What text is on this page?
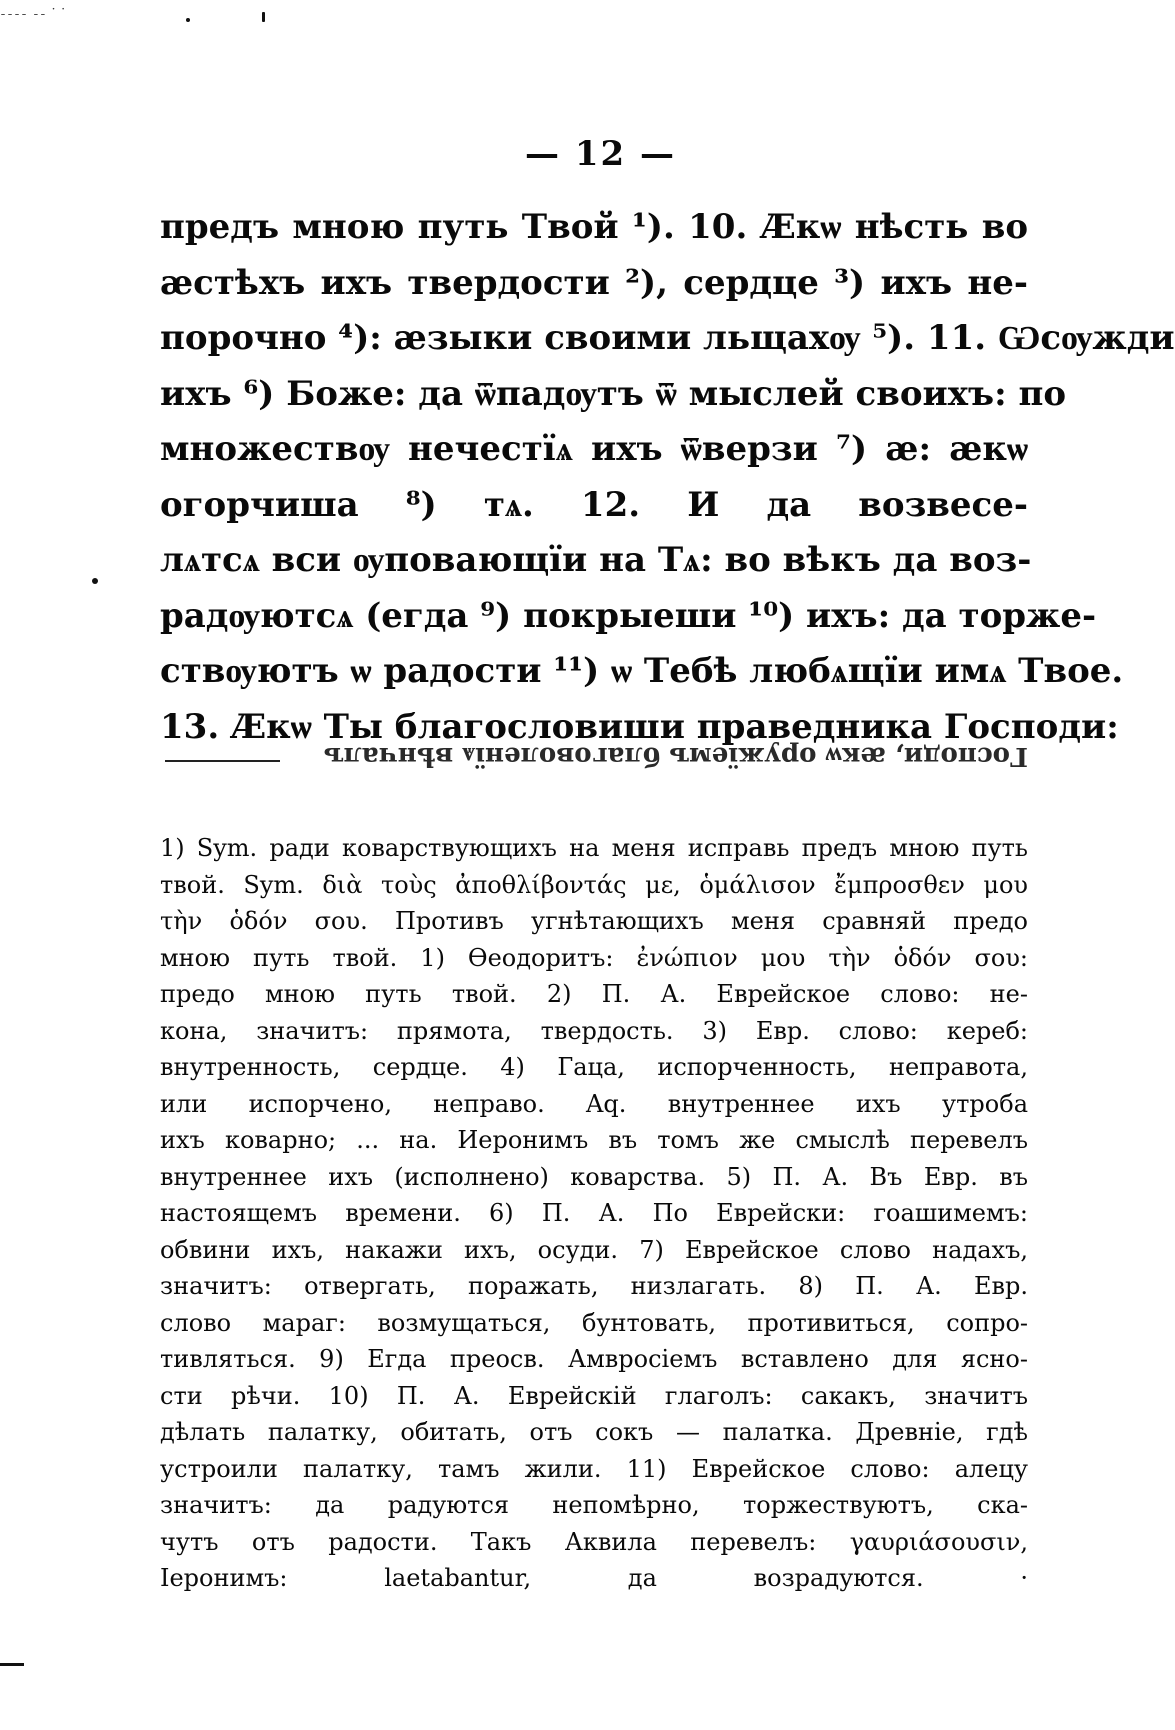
ˍˍˍˍ ˍˍ · ·
— 12 —
предъ мною путь Твой ¹). 10. Ӕкѡ нѣсть во
ӕстѣхъ ихъ твердости ²), сердце ³) ихъ не-
порочно ⁴): ӕзыки своими льщахѹ ⁵). 11. Ѡсѹжди
ихъ ⁶) Боже: да ѿпадѹтъ ѿ мыслей своихъ: по
множествѹ нечестїѧ ихъ ѿверзи ⁷) ӕ: ӕкѡ
огорчиша ⁸) тѧ. 12. И да возвесе-
лѧтсѧ вси ѹповающїи на Тѧ: во вѣкъ да воз-
радѹютсѧ (егда ⁹) покрыеши ¹⁰) ихъ: да торже-
ствѹютъ ѡ радости ¹¹) ѡ Тебѣ любѧщїи имѧ Твое.
13. Ӕкѡ Ты благословиши праведника Господи:
Господи, ӕкѡ оружїемъ благоволенїѧ вѣнчалъ
1) Sym. ради коварствующихъ на меня исправь предъ мною путь
твой. Sym. διὰ τοὺς ἀποθλίβοντάς με, ὁμάλισον ἔμπροσθεν μου
τὴν ὁδόν σου. Противъ угнѣтающихъ меня сравняй предо
мною путь твой. 1) Ѳеодоритъ: ἐνώπιον μου τὴν ὁδόν σου:
предо мною путь твой. 2) П. А. Еврейское слово: не-
кона, значитъ: прямота, твердость. 3) Евр. слово: кереб:
внутренность, сердце. 4) Гаца, испорченность, неправота,
или испорчено, неправо. Aq. внутреннее ихъ утроба
ихъ коварно; ... на. Иеронимъ въ томъ же смыслѣ перевелъ
внутреннее ихъ (исполнено) коварства. 5) П. А. Въ Евр. въ
настоящемъ времени. 6) П. А. По Еврейски: гоашимемъ:
обвини ихъ, накажи ихъ, осуди. 7) Еврейское слово надахъ,
значитъ: отвергать, поражать, низлагать. 8) П. А. Евр.
слово мараг: возмущаться, бунтовать, противиться, сопро-
тивляться. 9) Егда преосв. Амвросіемъ вставлено для ясно-
сти рѣчи. 10) П. А. Еврейскій глаголъ: сакакъ, значитъ
дѣлать палатку, обитать, отъ сокъ — палатка. Древніе, гдѣ
устроили палатку, тамъ жили. 11) Еврейское слово: алецу
значитъ: да радуются непомѣрно, торжествуютъ, ска-
чутъ отъ радости. Такъ Аквила перевелъ: γαυριάσουσιν,
Іеронимъ: laetabantur, да возрадуются. ·
